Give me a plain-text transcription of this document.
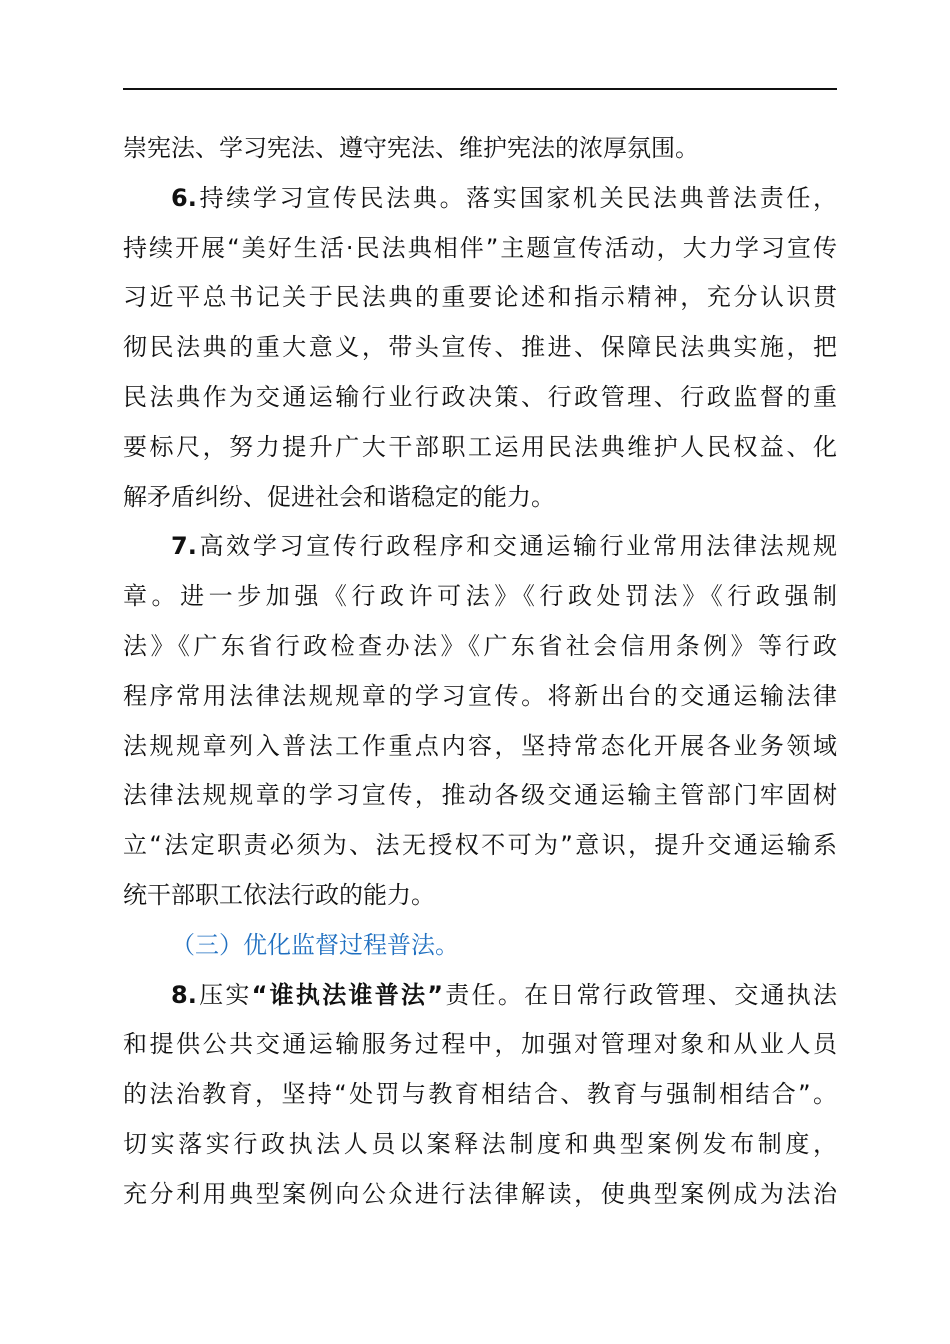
崇宪法、学习宪法、遵守宪法、维护宪法的浓厚氛围。
6.持续学习宣传民法典。落实国家机关民法典普法责任，
持续开展“美好生活·民法典相伴”主题宣传活动，大力学习宣传
习近平总书记关于民法典的重要论述和指示精神，充分认识贯
彻民法典的重大意义，带头宣传、推进、保障民法典实施，把
民法典作为交通运输行业行政决策、行政管理、行政监督的重
要标尺，努力提升广大干部职工运用民法典维护人民权益、化
解矛盾纠纷、促进社会和谐稳定的能力。
7.高效学习宣传行政程序和交通运输行业常用法律法规规
章。进一步加强《行政许可法》《行政处罚法》《行政强制
法》《广东省行政检查办法》《广东省社会信用条例》等行政
程序常用法律法规规章的学习宣传。将新出台的交通运输法律
法规规章列入普法工作重点内容，坚持常态化开展各业务领域
法律法规规章的学习宣传，推动各级交通运输主管部门牢固树
立“法定职责必须为、法无授权不可为”意识，提升交通运输系
统干部职工依法行政的能力。
（三）优化监督过程普法。
8.压实“谁执法谁普法”责任。在日常行政管理、交通执法
和提供公共交通运输服务过程中，加强对管理对象和从业人员
的法治教育，坚持“处罚与教育相结合、教育与强制相结合”。
切实落实行政执法人员以案释法制度和典型案例发布制度，
充分利用典型案例向公众进行法律解读，使典型案例成为法治
